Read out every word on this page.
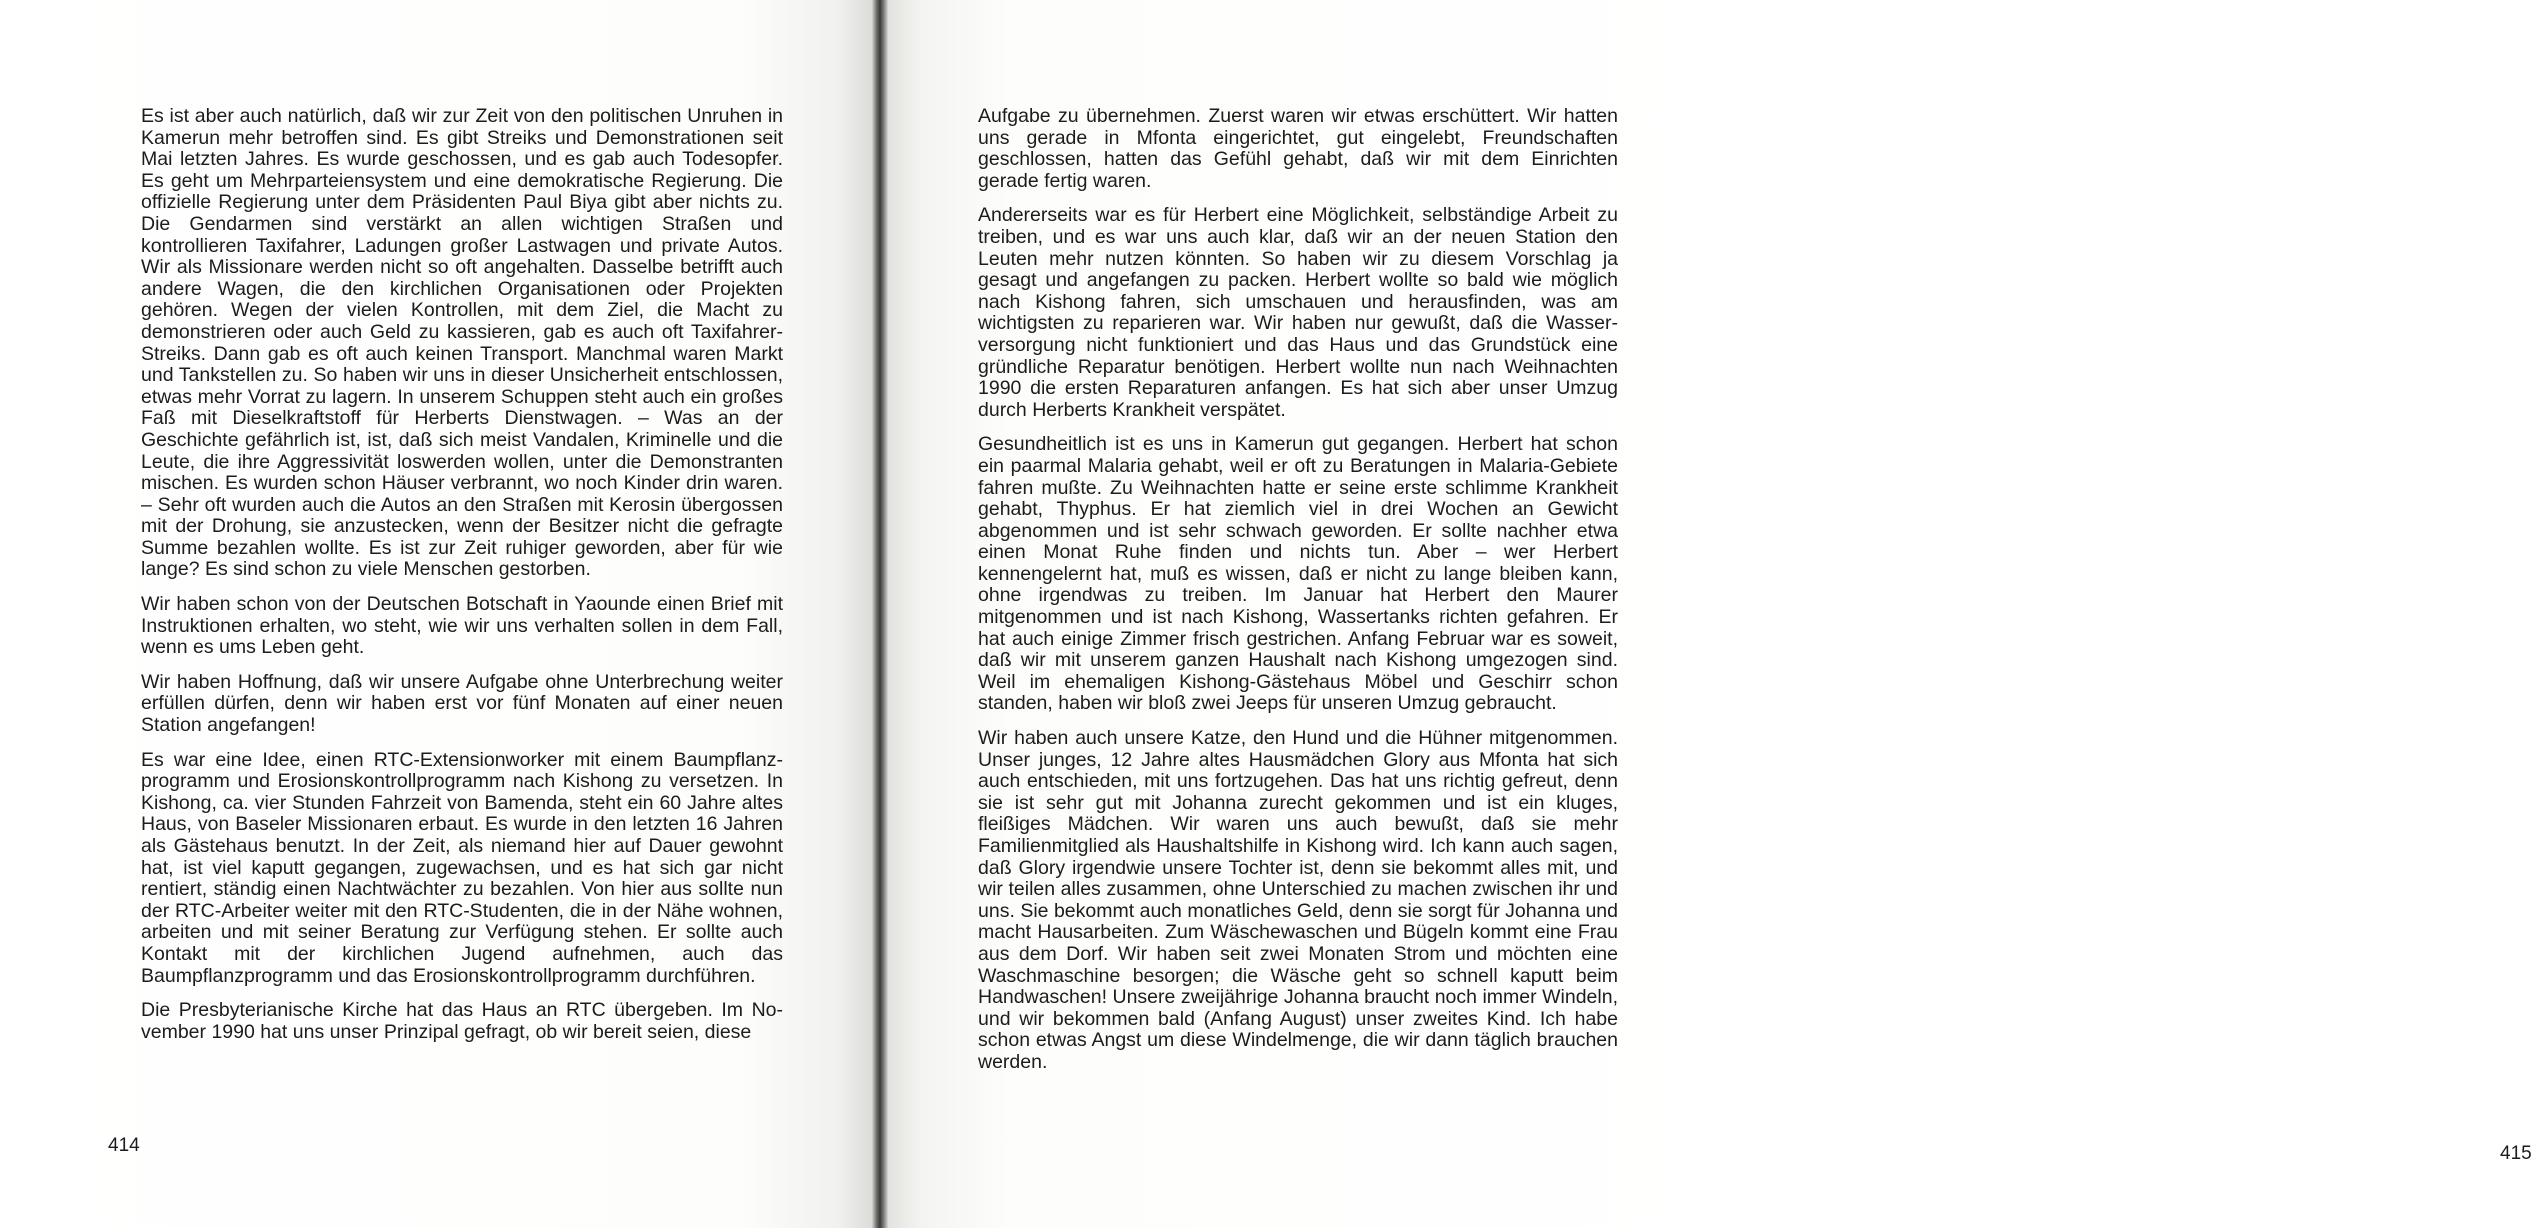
Es ist aber auch natürlich, daß wir zur Zeit von den politischen Unruhen in Kamerun mehr betroffen sind. Es gibt Streiks und Demonstrationen seit Mai letzten Jahres. Es wurde geschossen, und es gab auch Todesopfer. Es geht um Mehrparteiensystem und eine demokratische Regierung. Die offizielle Regierung unter dem Präsidenten Paul Biya gibt aber nichts zu. Die Gendarmen sind verstärkt an allen wichtigen Straßen und kontrollieren Taxifahrer, Ladungen großer Lastwagen und private Autos. Wir als Missionare werden nicht so oft angehalten. Dasselbe betrifft auch andere Wagen, die den kirchlichen Organisationen oder Projekten gehören. Wegen der vielen Kontrollen, mit dem Ziel, die Macht zu demonstrieren oder auch Geld zu kassieren, gab es auch oft Taxifahrer-Streiks. Dann gab es oft auch keinen Transport. Manchmal waren Markt und Tankstellen zu. So haben wir uns in dieser Unsicherheit entschlossen, etwas mehr Vorrat zu lagern. In unserem Schuppen steht auch ein großes Faß mit Dieselkraftstoff für Herberts Dienstwagen. – Was an der Geschichte gefährlich ist, ist, daß sich meist Vandalen, Kriminelle und die Leute, die ihre Aggressivität loswerden wollen, unter die Demonstranten mischen. Es wurden schon Häuser verbrannt, wo noch Kinder drin waren. – Sehr oft wurden auch die Autos an den Straßen mit Kerosin übergossen mit der Drohung, sie anzustecken, wenn der Besitzer nicht die gefragte Summe bezahlen wollte. Es ist zur Zeit ruhiger geworden, aber für wie lange? Es sind schon zu viele Menschen gestorben.

Wir haben schon von der Deutschen Botschaft in Yaounde einen Brief mit Instruktionen erhalten, wo steht, wie wir uns verhalten sollen in dem Fall, wenn es ums Leben geht.

Wir haben Hoffnung, daß wir unsere Aufgabe ohne Unterbrechung weiter erfüllen dürfen, denn wir haben erst vor fünf Monaten auf einer neuen Station angefangen!

Es war eine Idee, einen RTC-Extensionworker mit einem Baumpflanzprogramm und Erosionskontrollprogramm nach Kishong zu versetzen. In Kishong, ca. vier Stunden Fahrzeit von Bamenda, steht ein 60 Jahre altes Haus, von Baseler Missionaren erbaut. Es wurde in den letzten 16 Jahren als Gästehaus benutzt. In der Zeit, als niemand hier auf Dauer gewohnt hat, ist viel kaputt gegangen, zugewachsen, und es hat sich gar nicht rentiert, ständig einen Nachtwächter zu bezahlen. Von hier aus sollte nun der RTC-Arbeiter weiter mit den RTC-Studenten, die in der Nähe wohnen, arbeiten und mit seiner Beratung zur Verfügung stehen. Er sollte auch Kontakt mit der kirchlichen Jugend aufnehmen, auch das Baumpflanzprogramm und das Erosionskontrollprogramm durchführen.

Die Presbyterianische Kirche hat das Haus an RTC übergeben. Im November 1990 hat uns unser Prinzipal gefragt, ob wir bereit seien, diese

414	415

Aufgabe zu übernehmen. Zuerst waren wir etwas erschüttert. Wir hatten uns gerade in Mfonta eingerichtet, gut eingelebt, Freundschaften geschlossen, hatten das Gefühl gehabt, daß wir mit dem Einrichten gerade fertig waren.

Andererseits war es für Herbert eine Möglichkeit, selbständige Arbeit zu treiben, und es war uns auch klar, daß wir an der neuen Station den Leuten mehr nutzen könnten. So haben wir zu diesem Vorschlag ja gesagt und angefangen zu packen. Herbert wollte so bald wie möglich nach Kishong fahren, sich umschauen und herausfinden, was am wichtigsten zu reparieren war. Wir haben nur gewußt, daß die Wasserversorgung nicht funktioniert und das Haus und das Grundstück eine gründliche Reparatur benötigen. Herbert wollte nun nach Weihnachten 1990 die ersten Reparaturen anfangen. Es hat sich aber unser Umzug durch Herberts Krankheit verspätet.

Gesundheitlich ist es uns in Kamerun gut gegangen. Herbert hat schon ein paarmal Malaria gehabt, weil er oft zu Beratungen in Malaria-Gebiete fahren mußte. Zu Weihnachten hatte er seine erste schlimme Krankheit gehabt, Thyphus. Er hat ziemlich viel in drei Wochen an Gewicht abgenommen und ist sehr schwach geworden. Er sollte nachher etwa einen Monat Ruhe finden und nichts tun. Aber – wer Herbert kennengelernt hat, muß es wissen, daß er nicht zu lange bleiben kann, ohne irgendwas zu treiben. Im Januar hat Herbert den Maurer mitgenommen und ist nach Kishong, Wassertanks richten gefahren. Er hat auch einige Zimmer frisch gestrichen. Anfang Februar war es soweit, daß wir mit unserem ganzen Haushalt nach Kishong umgezogen sind. Weil im ehemaligen Kishong-Gästehaus Möbel und Geschirr schon standen, haben wir bloß zwei Jeeps für unseren Umzug gebraucht.

Wir haben auch unsere Katze, den Hund und die Hühner mitgenommen. Unser junges, 12 Jahre altes Hausmädchen Glory aus Mfonta hat sich auch entschieden, mit uns fortzugehen. Das hat uns richtig gefreut, denn sie ist sehr gut mit Johanna zurecht gekommen und ist ein kluges, fleißiges Mädchen. Wir waren uns auch bewußt, daß sie mehr Familienmitglied als Haushaltshilfe in Kishong wird. Ich kann auch sagen, daß Glory irgendwie unsere Tochter ist, denn sie bekommt alles mit, und wir teilen alles zusammen, ohne Unterschied zu machen zwischen ihr und uns. Sie bekommt auch monatliches Geld, denn sie sorgt für Johanna und macht Hausarbeiten. Zum Wäschewaschen und Bügeln kommt eine Frau aus dem Dorf. Wir haben seit zwei Monaten Strom und möchten eine Waschmaschine besorgen; die Wäsche geht so schnell kaputt beim Handwaschen! Unsere zweijährige Johanna braucht noch immer Windeln, und wir bekommen bald (Anfang August) unser zweites Kind. Ich habe schon etwas Angst um diese Windelmenge, die wir dann täglich brauchen werden.
